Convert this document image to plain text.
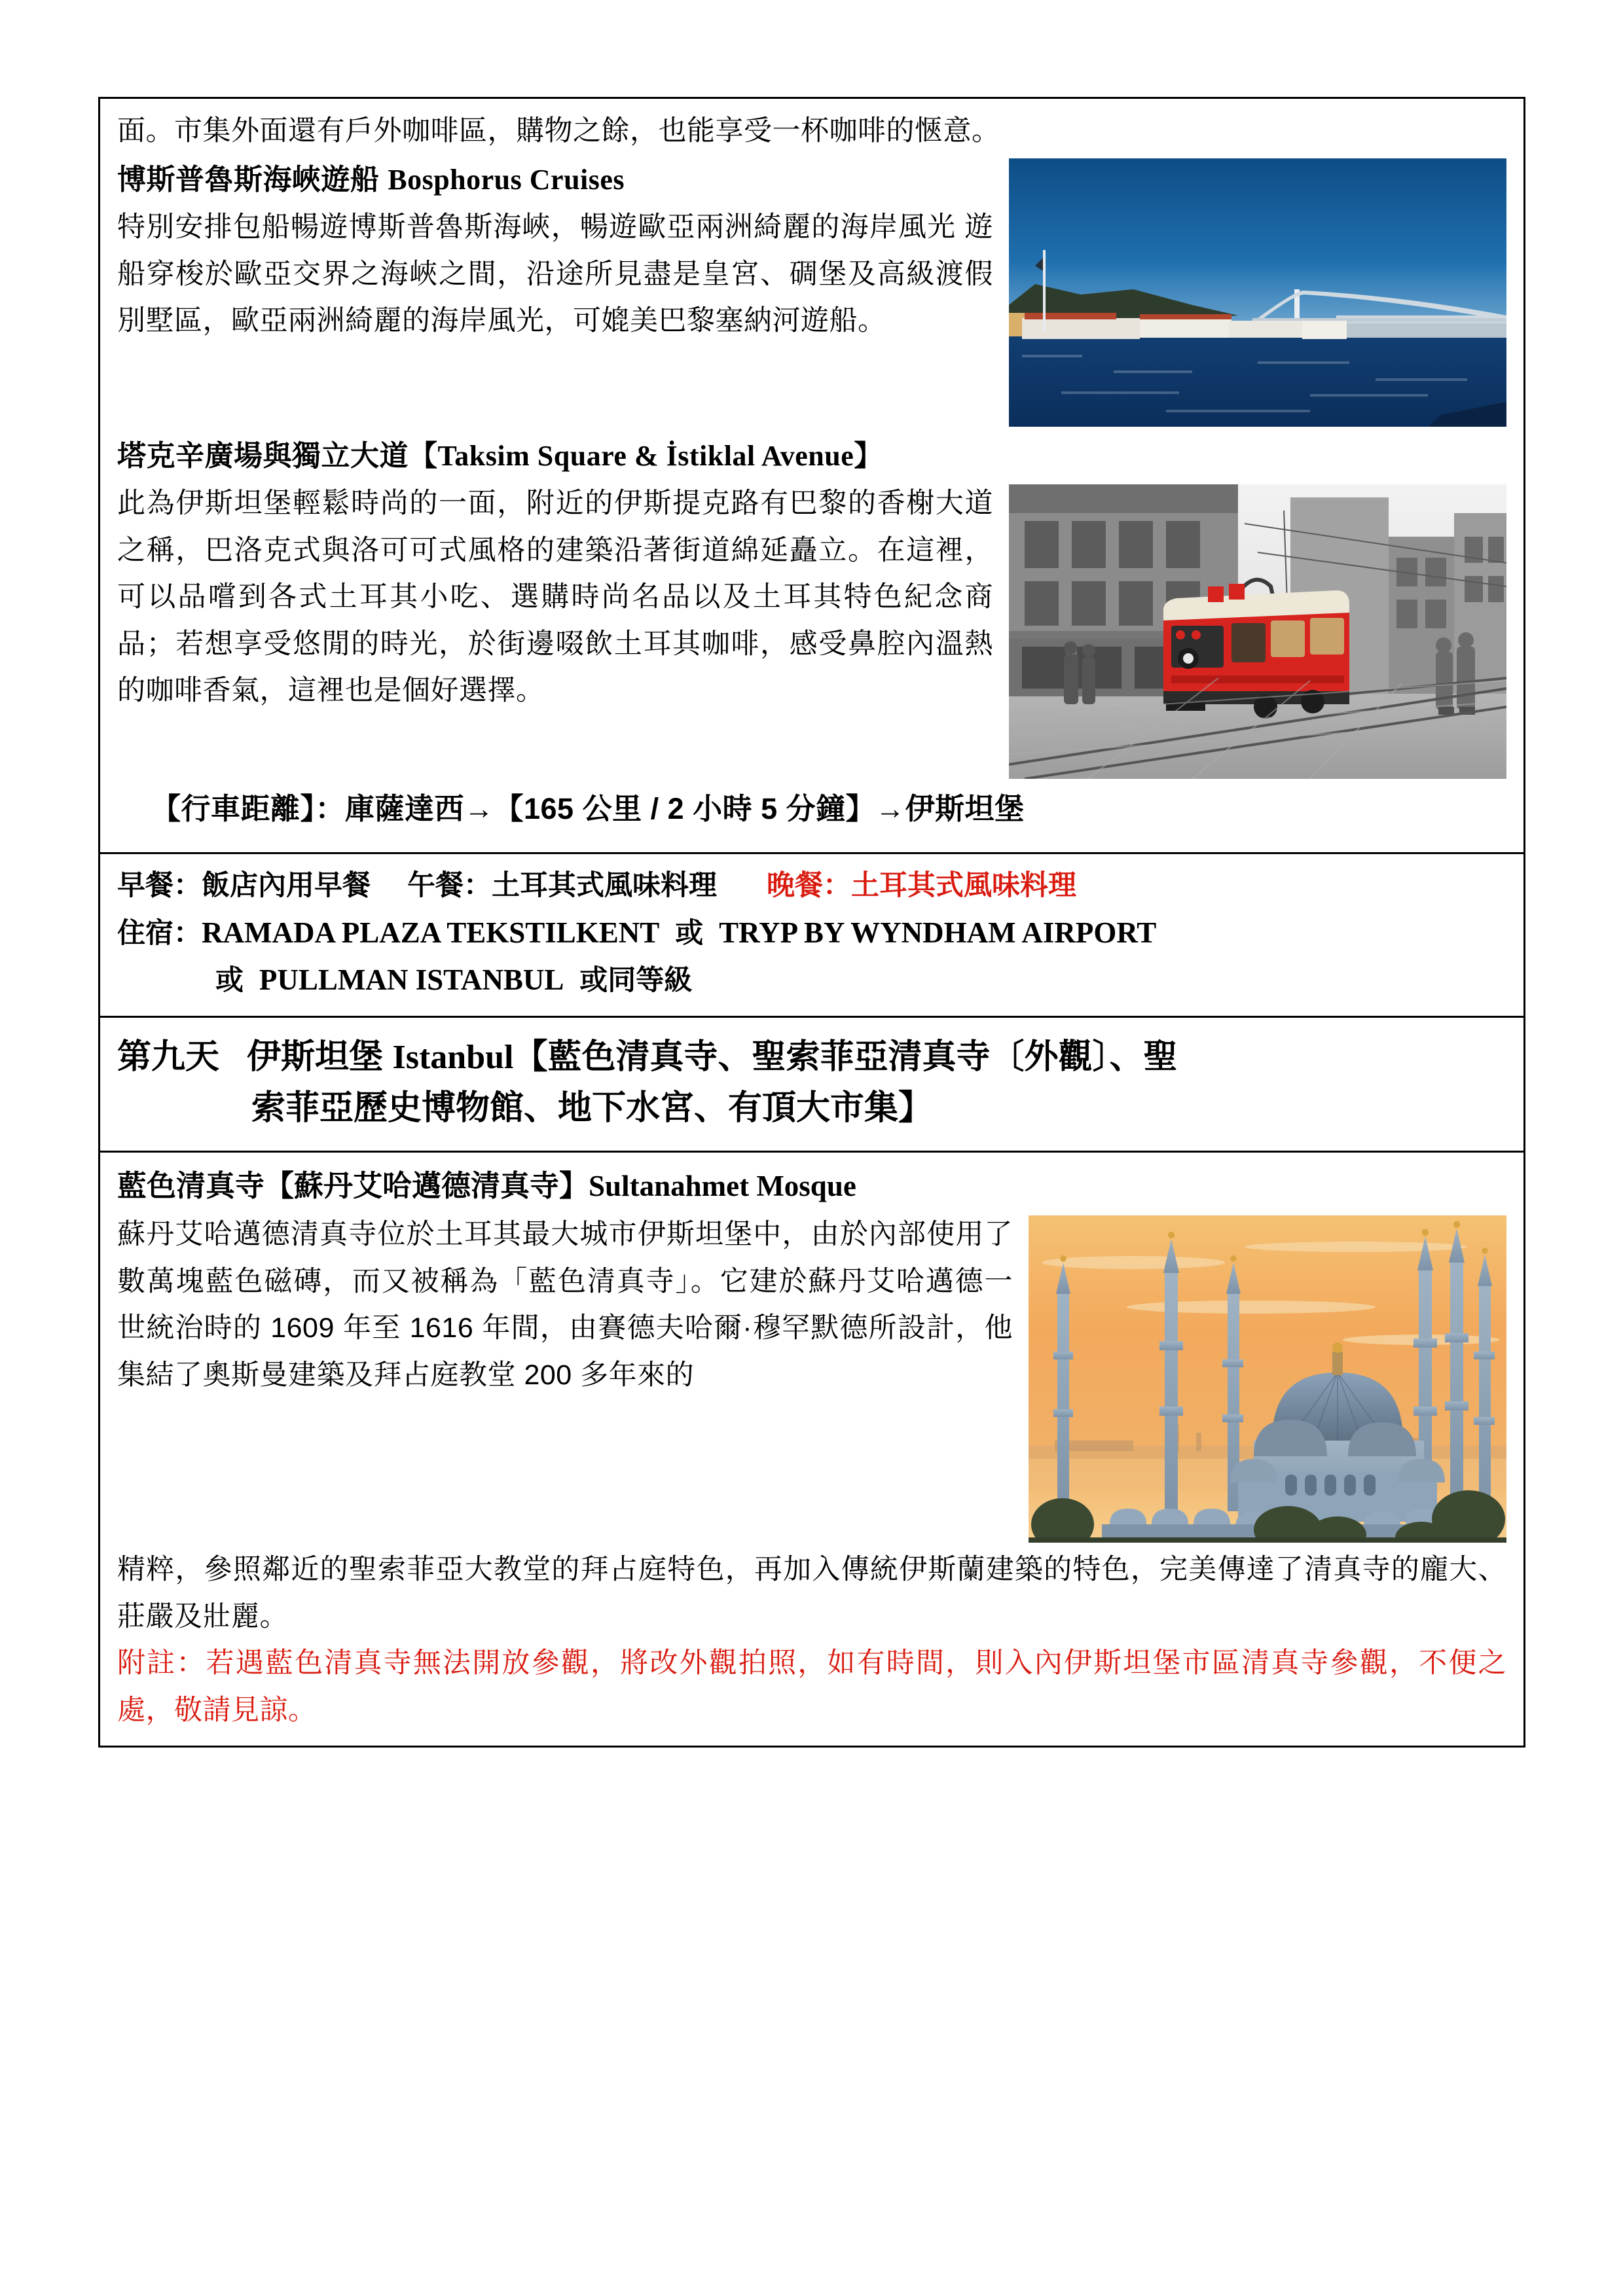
面。市集外面還有戶外咖啡區，購物之餘，也能享受一杯咖啡的愜意。
博斯普魯斯海峽遊船 Bosphorus Cruises
特別安排包船暢遊博斯普魯斯海峽，暢遊歐亞兩洲綺麗的海岸風光 遊船穿梭於歐亞交界之海峽之間，沿途所見盡是皇宮、碉堡及高級渡假別墅區，歐亞兩洲綺麗的海岸風光，可媲美巴黎塞納河遊船。
塔克辛廣場與獨立大道【Taksim Square & İstiklal Avenue】
此為伊斯坦堡輕鬆時尚的一面，附近的伊斯提克路有巴黎的香榭大道之稱，巴洛克式與洛可可式風格的建築沿著街道綿延矗立。在這裡，可以品嚐到各式土耳其小吃、選購時尚名品以及土耳其特色紀念商品；若想享受悠閒的時光，於街邊啜飲土耳其咖啡，感受鼻腔內溫熱的咖啡香氣，這裡也是個好選擇。
【行車距離】：庫薩達西→【165 公里 / 2 小時 5 分鐘】→伊斯坦堡
早餐：飯店內用早餐 午餐：土耳其式風味料理 晚餐：土耳其式風味料理
住宿：RAMADA PLAZA TEKSTILKENT 或 TRYP BY WYNDHAM AIRPORT
或 PULLMAN ISTANBUL 或同等級
第九天 伊斯坦堡 Istanbul【藍色清真寺、聖索菲亞清真寺〔外觀〕、聖
索菲亞歷史博物館、地下水宮、有頂大市集】
藍色清真寺【蘇丹艾哈邁德清真寺】Sultanahmet Mosque
蘇丹艾哈邁德清真寺位於土耳其最大城市伊斯坦堡中，由於內部使用了數萬塊藍色磁磚，而又被稱為「藍色清真寺」。它建於蘇丹艾哈邁德一世統治時的 1609 年至 1616 年間，由賽德夫哈爾·穆罕默德所設計，他集結了奧斯曼建築及拜占庭教堂 200 多年來的
精粹，參照鄰近的聖索菲亞大教堂的拜占庭特色，再加入傳統伊斯蘭建築的特色，完美傳達了清真寺的龐大、莊嚴及壯麗。
附註：若遇藍色清真寺無法開放參觀，將改外觀拍照，如有時間，則入內伊斯坦堡市區清真寺參觀，不便之處，敬請見諒。
